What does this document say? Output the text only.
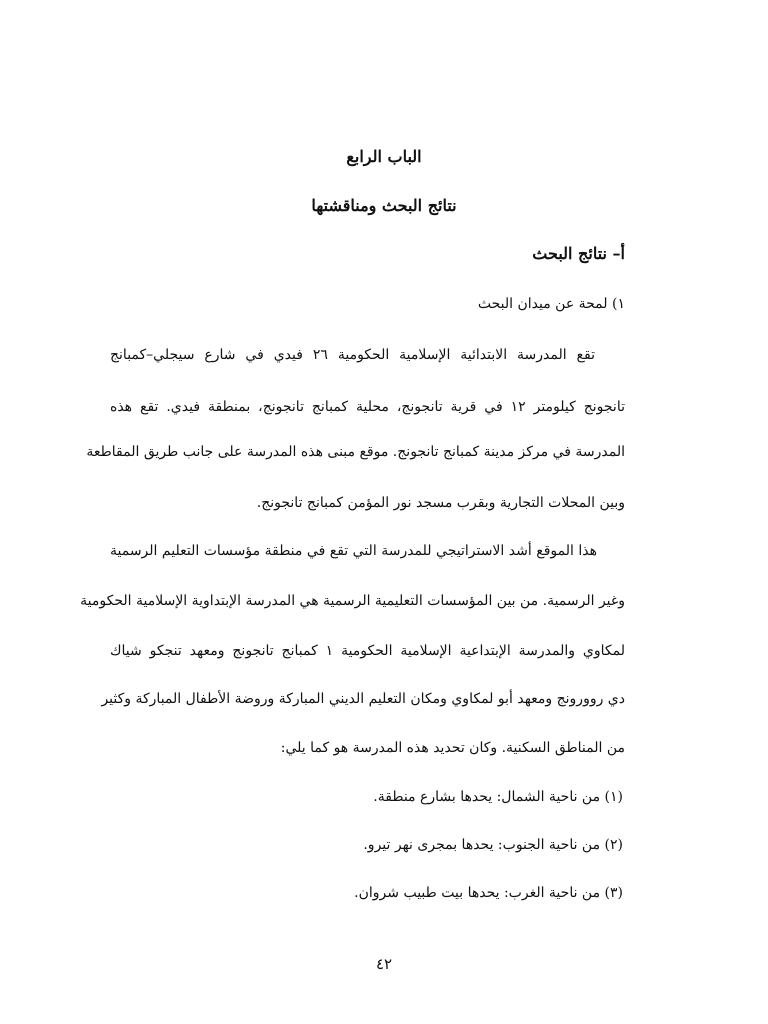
الباب الرابع
نتائج البحث ومناقشتها
أ– نتائج البحث
١) لمحة عن ميدان البحث
تقع المدرسة الابتدائية الإسلامية الحكومية ٢٦ فيدي في شارع سيجلي–كمبانج
تانجونج كيلومتر ١٢ في قرية تانجونج، محلية كمبانج تانجونج، بمنطقة فيدي. تقع هذه
المدرسة في مركز مدينة كمبانج تانجونج. موقع مبنى هذه المدرسة على جانب طريق المقاطعة
وبين المحلات التجارية وبقرب مسجد نور المؤمن كمبانج تانجونج.
هذا الموقع أشد الاستراتيجي للمدرسة التي تقع في منطقة مؤسسات التعليم الرسمية
وغير الرسمية. من بين المؤسسات التعليمية الرسمية هي المدرسة الإبتداوية الإسلامية الحكومية
لمكاوي والمدرسة الإبتداعية الإسلامية الحكومية ١ كمبانج تانجونج ومعهد تنجكو شياك
دي روورونج ومعهد أبو لمكاوي ومكان التعليم الديني المباركة وروضة الأطفال المباركة وكثير
من المناطق السكنية. وكان تحديد هذه المدرسة هو كما يلي:
(١) من ناحية الشمال: يحدها بشارع منطقة.
(٢) من ناحية الجنوب: يحدها بمجرى نهر تيرو.
(٣) من ناحية الغرب: يحدها بيت طبيب شروان.
٤٢
